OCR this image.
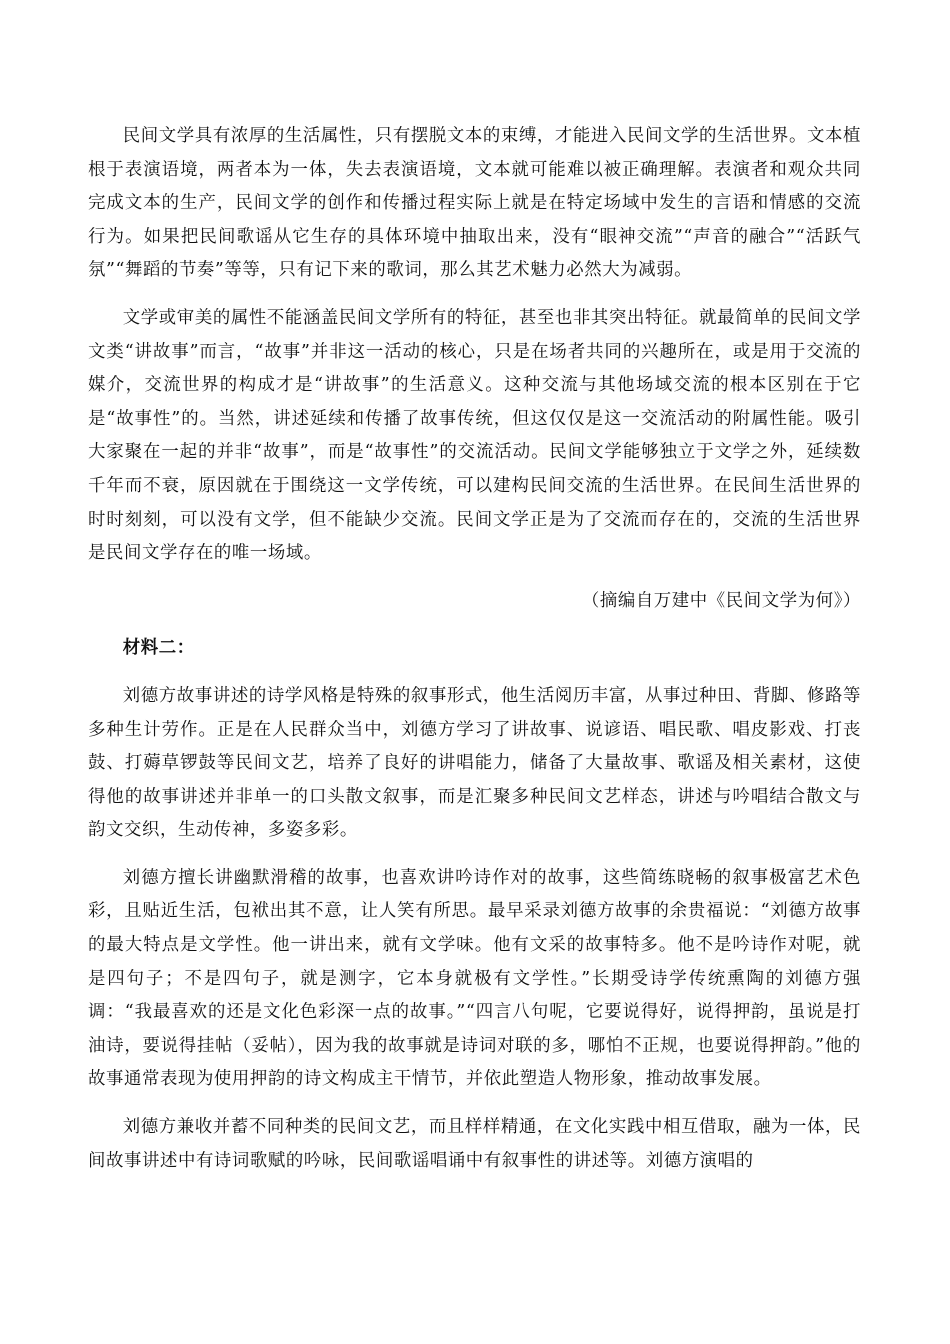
民间文学具有浓厚的生活属性，只有摆脱文本的束缚，才能进入民间文学的生活世界。文本植根于表演语境，两者本为一体，失去表演语境，文本就可能难以被正确理解。表演者和观众共同完成文本的生产，民间文学的创作和传播过程实际上就是在特定场域中发生的言语和情感的交流行为。如果把民间歌谣从它生存的具体环境中抽取出来，没有“眼神交流”“声音的融合”“活跃气氛”“舞蹈的节奏”等等，只有记下来的歌词，那么其艺术魅力必然大为减弱。

文学或审美的属性不能涵盖民间文学所有的特征，甚至也非其突出特征。就最简单的民间文学文类“讲故事”而言，“故事”并非这一活动的核心，只是在场者共同的兴趣所在，或是用于交流的媒介，交流世界的构成才是“讲故事”的生活意义。这种交流与其他场域交流的根本区别在于它是“故事性”的。当然，讲述延续和传播了故事传统，但这仅仅是这一交流活动的附属性能。吸引大家聚在一起的并非“故事”，而是“故事性”的交流活动。民间文学能够独立于文学之外，延续数千年而不衰，原因就在于围绕这一文学传统，可以建构民间交流的生活世界。在民间生活世界的时时刻刻，可以没有文学，但不能缺少交流。民间文学正是为了交流而存在的，交流的生活世界是民间文学存在的唯一场域。

（摘编自万建中《民间文学为何》）

材料二：

刘德方故事讲述的诗学风格是特殊的叙事形式，他生活阅历丰富，从事过种田、背脚、修路等多种生计劳作。正是在人民群众当中，刘德方学习了讲故事、说谚语、唱民歌、唱皮影戏、打丧鼓、打薅草锣鼓等民间文艺，培养了良好的讲唱能力，储备了大量故事、歌谣及相关素材，这使得他的故事讲述并非单一的口头散文叙事，而是汇聚多种民间文艺样态，讲述与吟唱结合散文与韵文交织，生动传神，多姿多彩。

刘德方擅长讲幽默滑稽的故事，也喜欢讲吟诗作对的故事，这些简练晓畅的叙事极富艺术色彩，且贴近生活，包袱出其不意，让人笑有所思。最早采录刘德方故事的余贵福说：“刘德方故事的最大特点是文学性。他一讲出来，就有文学味。他有文采的故事特多。他不是吟诗作对呢，就是四句子；不是四句子，就是测字，它本身就极有文学性。”长期受诗学传统熏陶的刘德方强调：“我最喜欢的还是文化色彩深一点的故事。”“四言八句呢，它要说得好，说得押韵，虽说是打油诗，要说得挂帖（妥帖），因为我的故事就是诗词对联的多，哪怕不正规，也要说得押韵。”他的故事通常表现为使用押韵的诗文构成主干情节，并依此塑造人物形象，推动故事发展。

刘德方兼收并蓄不同种类的民间文艺，而且样样精通，在文化实践中相互借取，融为一体，民间故事讲述中有诗词歌赋的吟咏，民间歌谣唱诵中有叙事性的讲述等。刘德方演唱的
